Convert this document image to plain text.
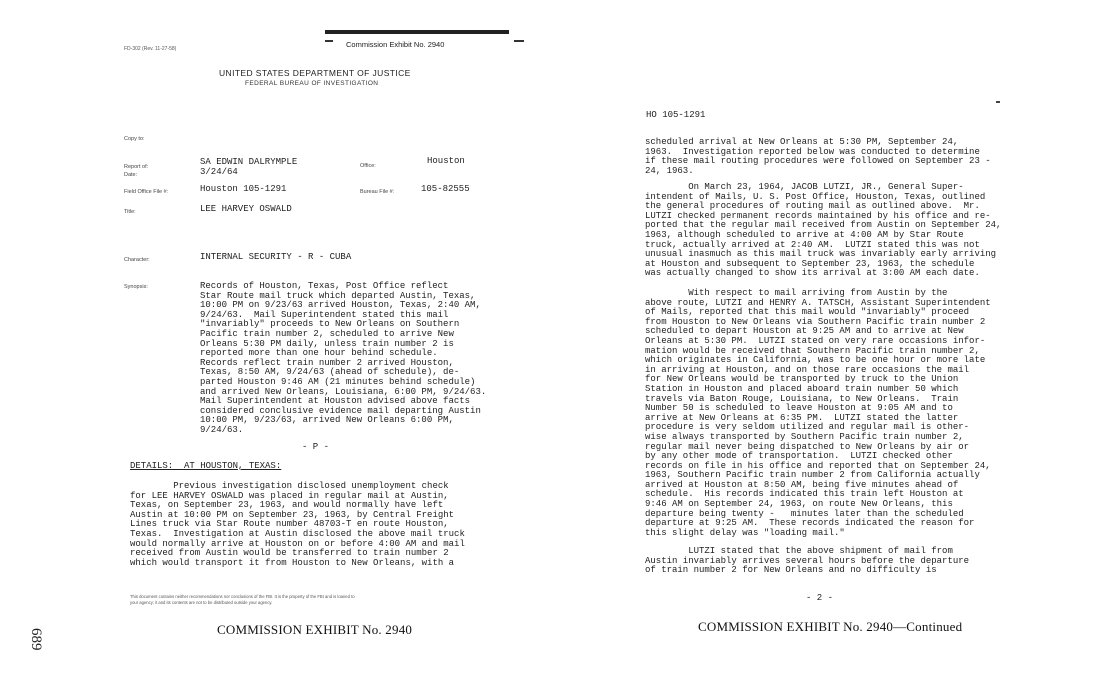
FD-302 (Rev. 11-27-58)	Commission Exhibit No. 2940
UNITED STATES DEPARTMENT OF JUSTICE
FEDERAL BUREAU OF INVESTIGATION
Copy to:
Report of:
Date:
Field Office File #:
Title:
Character:
Synopsis:
Office:
Bureau File #:
SA EDWIN DALRYMPLE
3/24/64
Houston
Houston 105-1291	105-82555
LEE HARVEY OSWALD
INTERNAL SECURITY - R - CUBA
Records of Houston, Texas, Post Office reflect
Star Route mail truck which departed Austin, Texas,
10:00 PM on 9/23/63 arrived Houston, Texas, 2:40 AM,
9/24/63.  Mail Superintendent stated this mail
"invariably" proceeds to New Orleans on Southern
Pacific train number 2, scheduled to arrive New
Orleans 5:30 PM daily, unless train number 2 is
reported more than one hour behind schedule.
Records reflect train number 2 arrived Houston,
Texas, 8:50 AM, 9/24/63 (ahead of schedule), de-
parted Houston 9:46 AM (21 minutes behind schedule)
and arrived New Orleans, Louisiana, 6:00 PM, 9/24/63.
Mail Superintendent at Houston advised above facts
considered conclusive evidence mail departing Austin
10:00 PM, 9/23/63, arrived New Orleans 6:00 PM,
9/24/63.
- P -
DETAILS:  AT HOUSTON, TEXAS:
Previous investigation disclosed unemployment check
for LEE HARVEY OSWALD was placed in regular mail at Austin,
Texas, on September 23, 1963, and would normally have left
Austin at 10:00 PM on September 23, 1963, by Central Freight
Lines truck via Star Route number 48703-T en route Houston,
Texas.  Investigation at Austin disclosed the above mail truck
would normally arrive at Houston on or before 4:00 AM and mail
received from Austin would be transferred to train number 2
which would transport it from Houston to New Orleans, with a
This document contains neither recommendations nor conclusions of the FBI. It is the property of the FBI and is loaned to
your agency; it and its contents are not to be distributed outside your agency.
COMMISSION EXHIBIT No. 2940
689
HO 105-1291
scheduled arrival at New Orleans at 5:30 PM, September 24,
1963.  Investigation reported below was conducted to determine
if these mail routing procedures were followed on September 23 -
24, 1963.
On March 23, 1964, JACOB LUTZI, JR., General Super-
intendent of Mails, U. S. Post Office, Houston, Texas, outlined
the general procedures of routing mail as outlined above.  Mr.
LUTZI checked permanent records maintained by his office and re-
ported that the regular mail received from Austin on September 24,
1963, although scheduled to arrive at 4:00 AM by Star Route
truck, actually arrived at 2:40 AM.  LUTZI stated this was not
unusual inasmuch as this mail truck was invariably early arriving
at Houston and subsequent to September 23, 1963, the schedule
was actually changed to show its arrival at 3:00 AM each date.
With respect to mail arriving from Austin by the
above route, LUTZI and HENRY A. TATSCH, Assistant Superintendent
of Mails, reported that this mail would "invariably" proceed
from Houston to New Orleans via Southern Pacific train number 2
scheduled to depart Houston at 9:25 AM and to arrive at New
Orleans at 5:30 PM.  LUTZI stated on very rare occasions infor-
mation would be received that Southern Pacific train number 2,
which originates in California, was to be one hour or more late
in arriving at Houston, and on those rare occasions the mail
for New Orleans would be transported by truck to the Union
Station in Houston and placed aboard train number 50 which
travels via Baton Rouge, Louisiana, to New Orleans.  Train
Number 50 is scheduled to leave Houston at 9:05 AM and to
arrive at New Orleans at 6:35 PM.  LUTZI stated the latter
procedure is very seldom utilized and regular mail is other-
wise always transported by Southern Pacific train number 2,
regular mail never being dispatched to New Orleans by air or
by any other mode of transportation.  LUTZI checked other
records on file in his office and reported that on September 24,
1963, Southern Pacific train number 2 from California actually
arrived at Houston at 8:50 AM, being five minutes ahead of
schedule.  His records indicated this train left Houston at
9:46 AM on September 24, 1963, on route New Orleans, this
departure being twenty -   minutes later than the scheduled
departure at 9:25 AM.  These records indicated the reason for
this slight delay was "loading mail."
LUTZI stated that the above shipment of mail from
Austin invariably arrives several hours before the departure
of train number 2 for New Orleans and no difficulty is
- 2 -
COMMISSION EXHIBIT No. 2940—Continued
